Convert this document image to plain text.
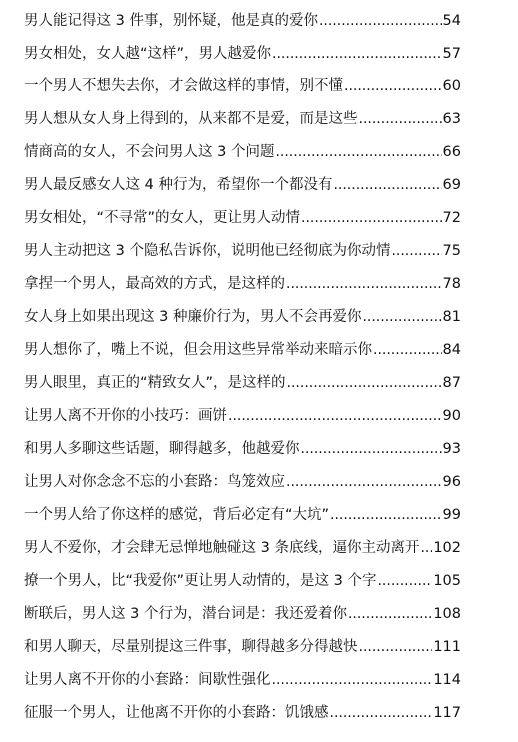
男人能记得这 3 件事，别怀疑，他是真的爱你 .....	54
男女相处，女人越“这样”，男人越爱你 .....	57
一个男人不想失去你，才会做这样的事情，别不懂 .....	60
男人想从女人身上得到的，从来都不是爱，而是这些 .....	63
情商高的女人，不会问男人这 3 个问题 .....	66
男人最反感女人这 4 种行为，希望你一个都没有 .....	69
男女相处，“不寻常”的女人，更让男人动情 .....	72
男人主动把这 3 个隐私告诉你，说明他已经彻底为你动情 .....	75
拿捏一个男人，最高效的方式，是这样的 .....	78
女人身上如果出现这 3 种廉价行为，男人不会再爱你 .....	81
男人想你了，嘴上不说，但会用这些异常举动来暗示你 .....	84
男人眼里，真正的“精致女人”，是这样的 .....	87
让男人离不开你的小技巧：画饼 .....	90
和男人多聊这些话题，聊得越多，他越爱你 .....	93
让男人对你念念不忘的小套路：鸟笼效应 .....	96
一个男人给了你这样的感觉，背后必定有“大坑” .....	99
男人不爱你，才会肆无忌惮地触碰这 3 条底线，逼你主动离开 ..... 102
撩一个男人，比“我爱你”更让男人动情的，是这 3 个字 .....	105
断联后，男人这 3 个行为，潜台词是：我还爱着你 .....	108
和男人聊天，尽量别提这三件事，聊得越多分得越快 .....	111
让男人离不开你的小套路：间歇性强化 .....	114
征服一个男人，让他离不开你的小套路：饥饿感 .....	117
